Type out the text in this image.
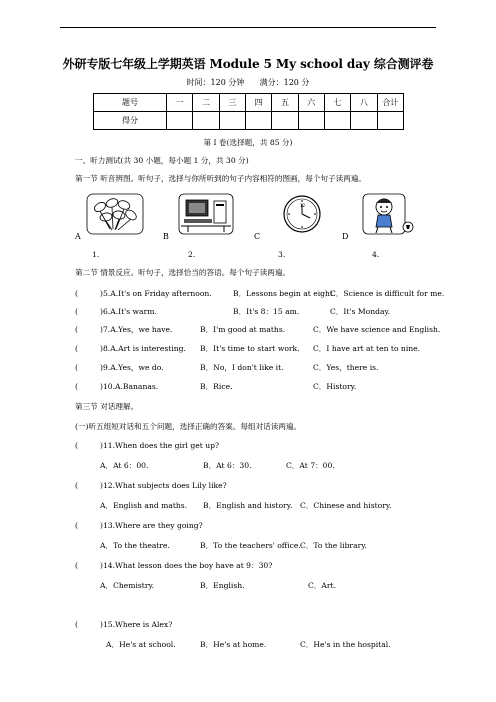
外研专版七年级上学期英语 Module 5 My school day 综合测评卷
时间：120 分钟 满分：120 分
题号	一	二	三	四	五	六	七	八	合计
得分									
第 I 卷(选择题，共 85 分)
一、听力测试(共 30 小题，每小题 1 分，共 30 分)
第一节 听音辨图。听句子，选择与你所听到的句子内容相符的图画，每个句子读两遍。
A	B
12
C	D
1.	2.	3.	4.
第二节 情景反应。听句子，选择恰当的答语。每个句子读两遍。
(	)5.A.It's on Friday afternoon.	B．Lessons begin at eight.
C．Science is difficult for me.
(	)6.A.It's warm.	B．It's 8：15 am.	C．It's Monday.
(	)7.A.Yes，we have.	B．I'm good at maths.	C．We have science and English.
(	)8.A.Art is interesting. B．It's time to start work. C．I have art at ten to nine.
(	)9.A.Yes，we do.	B．No，I don't like it.	C．Yes，there is.
(	)10.A.Bananas.	B．Rice.	C．History.
第三节 对话理解。
(一)听五组短对话和五个问题，选择正确的答案。每组对话读两遍。
(	)11.When does the girl get up?
A．At 6：00.	B．At 6：30.	C．At 7：00.
(	)12.What subjects does Lily like?
A．English and maths. B．English and history. C．Chinese and history.
(	)13.Where are they going?
A．To the theatre.	B．To the teachers' office. C．To the library.
(	)14.What lesson does the boy have at 9：30?
A．Chemistry.	B．English.	C．Art.
(	)15.Where is Alex?
A．He's at school.	B．He's at home.	C．He's in the hospital.
